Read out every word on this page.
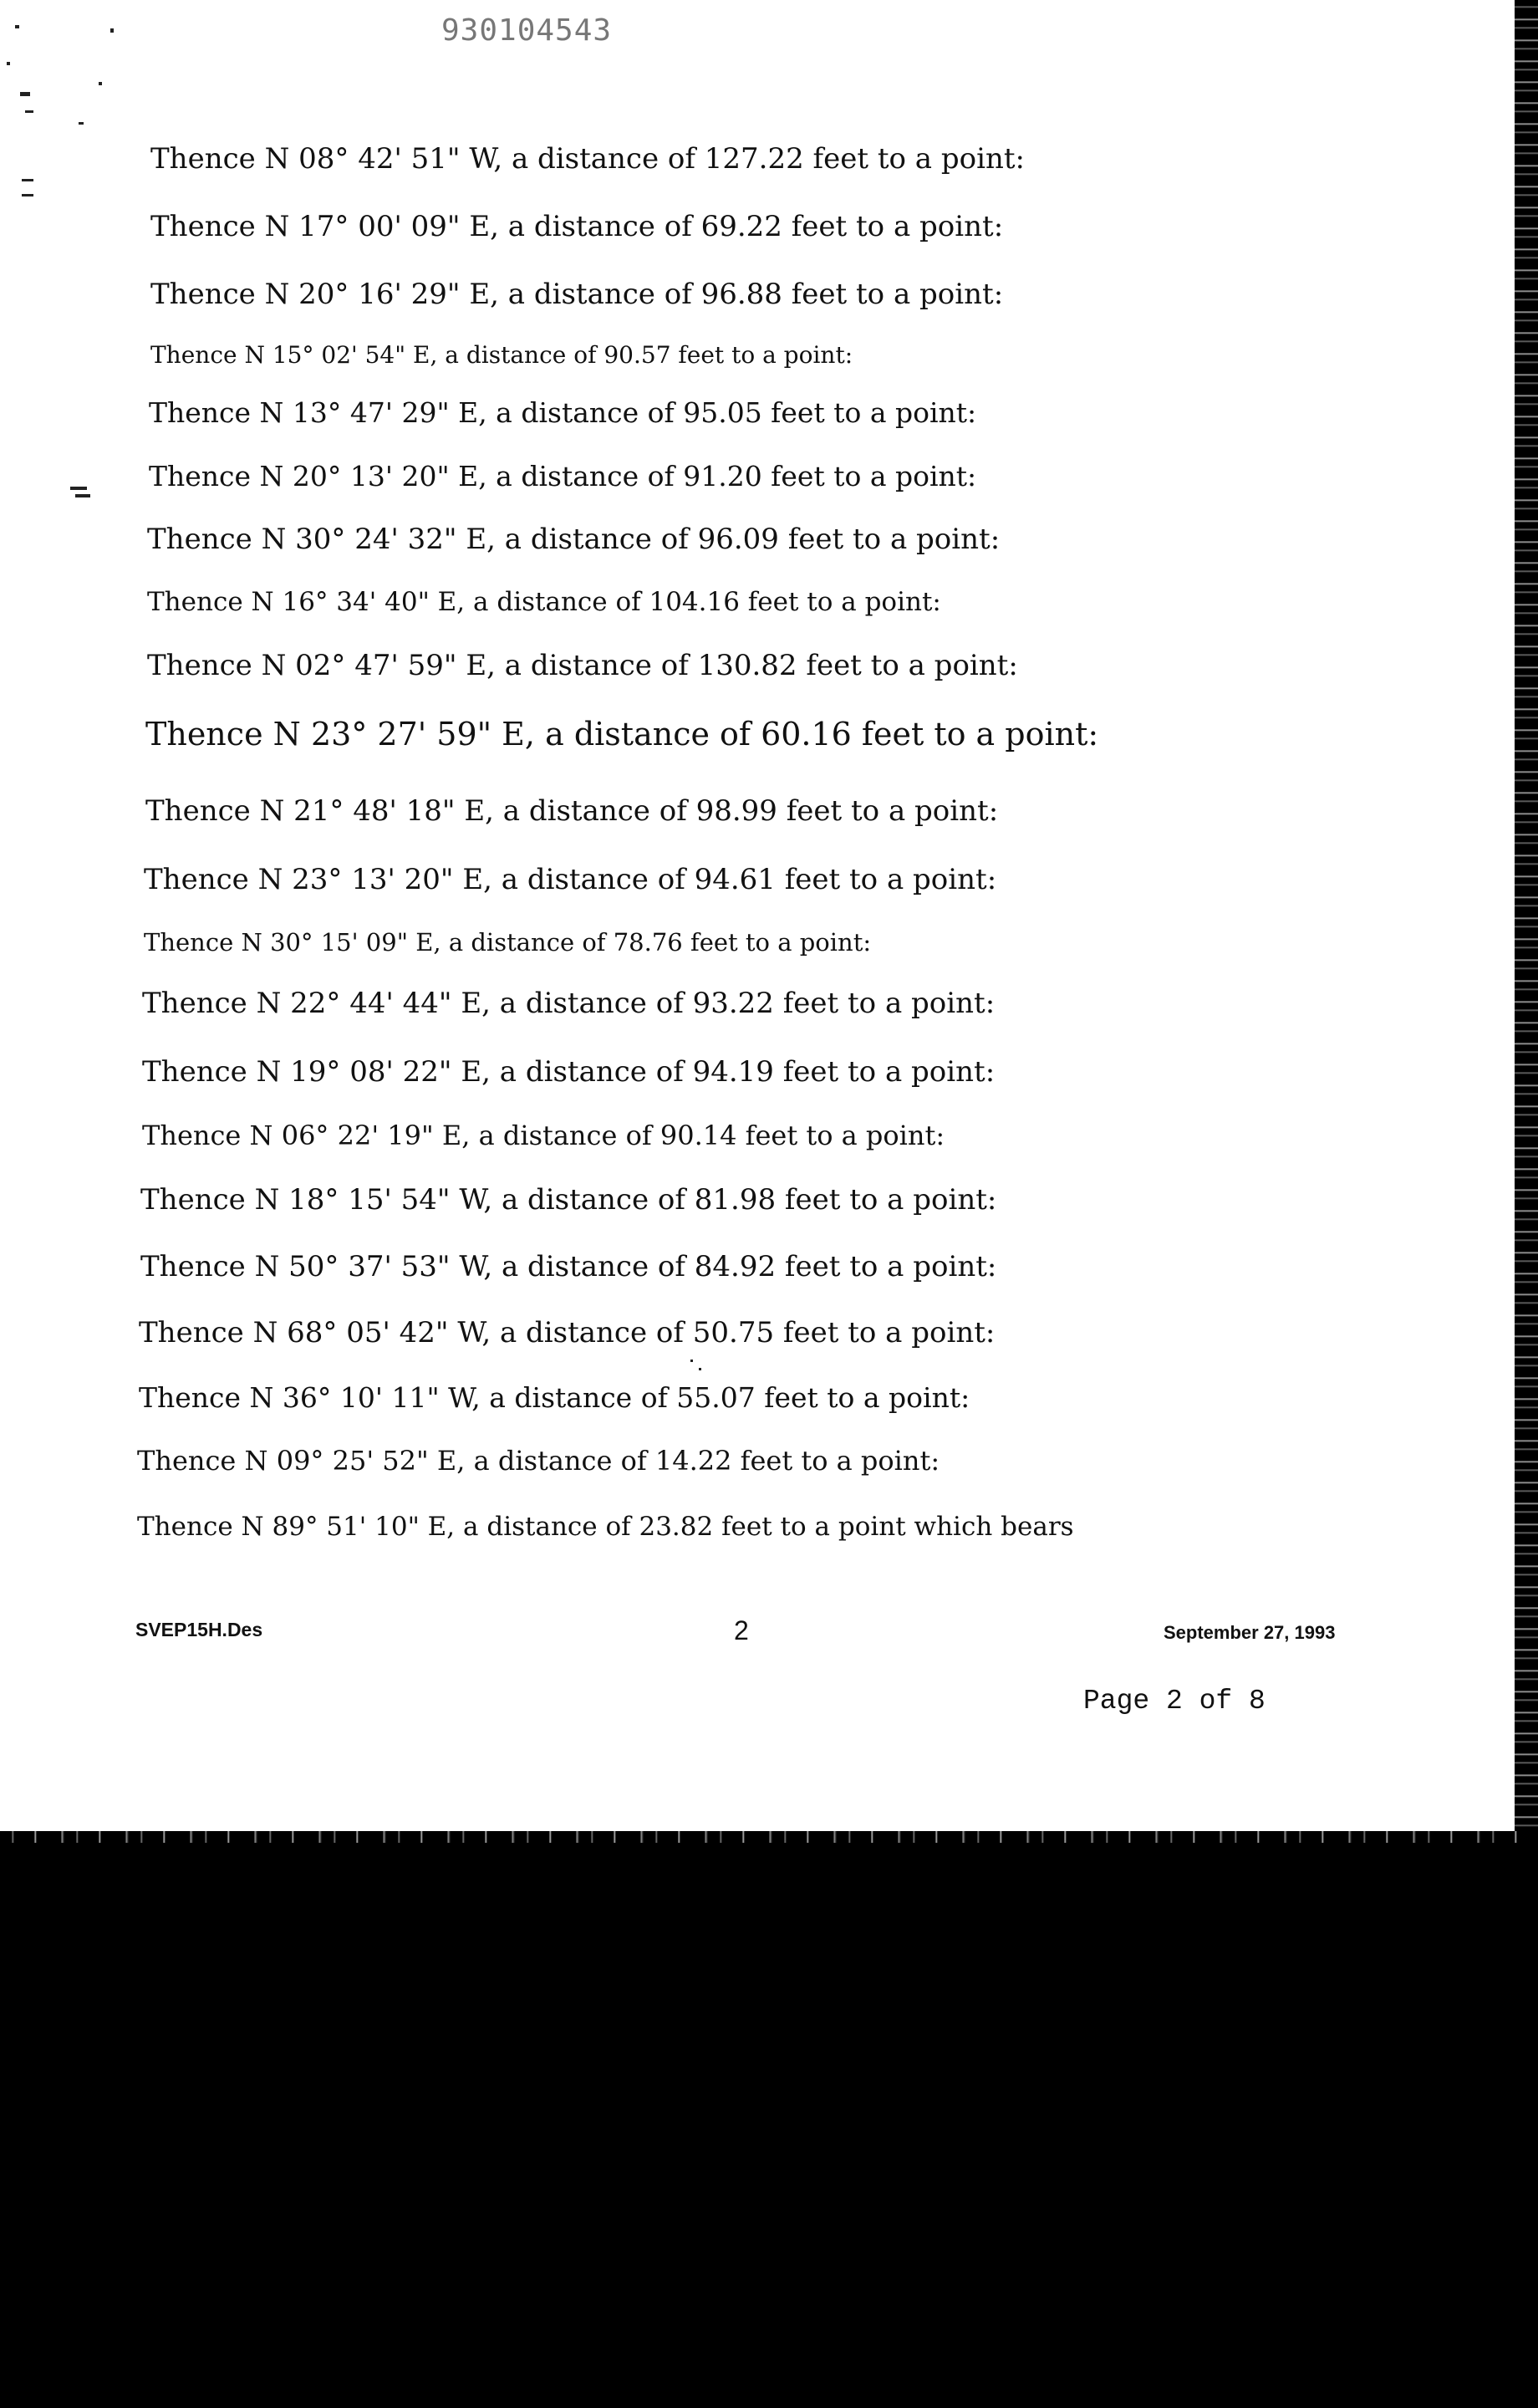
930104543

Thence N 08° 42' 51" W, a distance of 127.22 feet to a point:

Thence N 17° 00' 09" E, a distance of 69.22 feet to a point:

Thence N 20° 16' 29" E, a distance of 96.88 feet to a point:

Thence N 15° 02' 54" E, a distance of 90.57 feet to a point:

Thence N 13° 47' 29" E, a distance of 95.05 feet to a point:

Thence N 20° 13' 20" E, a distance of 91.20 feet to a point:

Thence N 30° 24' 32" E, a distance of 96.09 feet to a point:

Thence N 16° 34' 40" E, a distance of 104.16 feet to a point:

Thence N 02° 47' 59" E, a distance of 130.82 feet to a point:

Thence N 23° 27' 59" E, a distance of 60.16 feet to a point:

Thence N 21° 48' 18" E, a distance of 98.99 feet to a point:

Thence N 23° 13' 20" E, a distance of 94.61 feet to a point:

Thence N 30° 15' 09" E, a distance of 78.76 feet to a point:

Thence N 22° 44' 44" E, a distance of 93.22 feet to a point:

Thence N 19° 08' 22" E, a distance of 94.19 feet to a point:

Thence N 06° 22' 19" E, a distance of 90.14 feet to a point:

Thence N 18° 15' 54" W, a distance of 81.98 feet to a point:

Thence N 50° 37' 53" W, a distance of 84.92 feet to a point:

Thence N 68° 05' 42" W, a distance of 50.75 feet to a point:

Thence N 36° 10' 11" W, a distance of 55.07 feet to a point:

Thence N 09° 25' 52" E, a distance of 14.22 feet to a point:

Thence N 89° 51' 10" E, a distance of 23.82 feet to a point which bears

SVEP15H.Des	2	September 27, 1993
Page 2 of 8
